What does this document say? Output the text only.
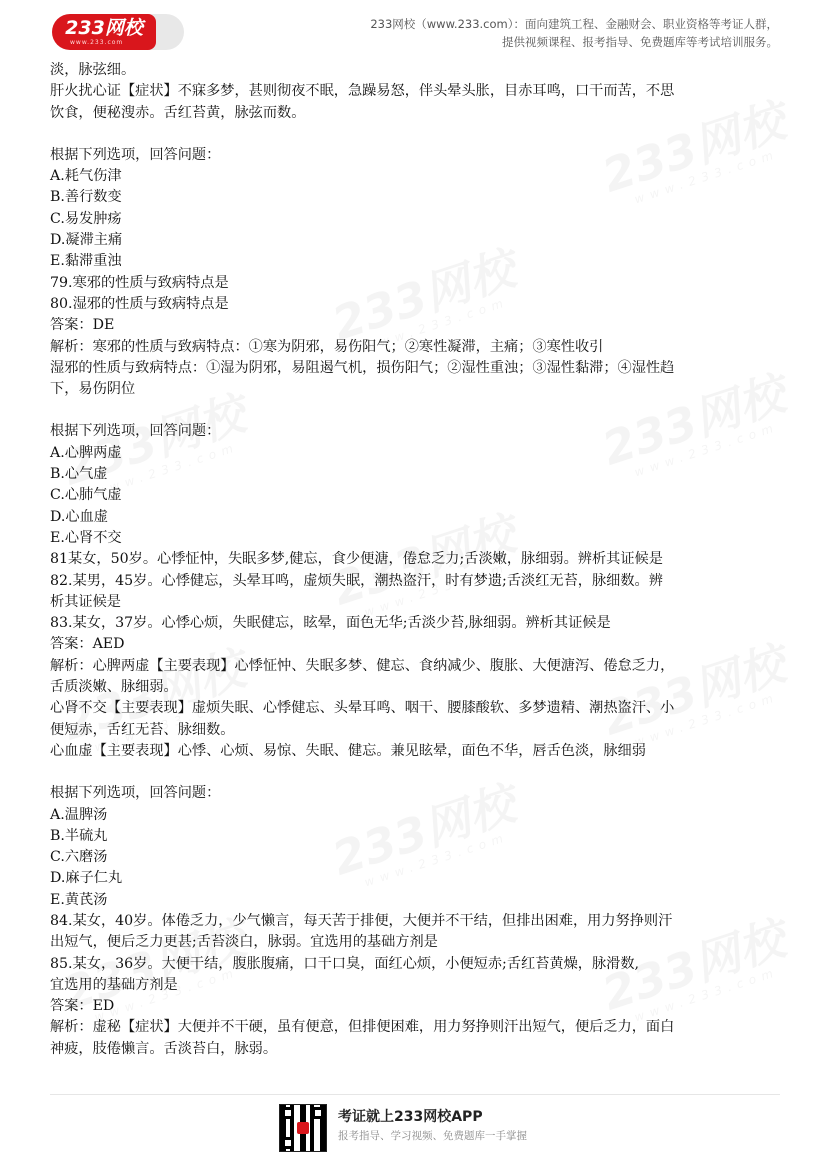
233网校
www.233.com
233网校（www.233.com）：面向建筑工程、金融财会、职业资格等考证人群，
提供视频课程、报考指导、免费题库等考试培训服务。
淡，脉弦细。
肝火扰心证【症状】不寐多梦，甚则彻夜不眠，急躁易怒，伴头晕头胀，目赤耳鸣，口干而苦，不思
饮食，便秘溲赤。舌红苔黄，脉弦而数。
根据下列选项，回答问题：
A.耗气伤津
B.善行数变
C.易发肿疡
D.凝滞主痛
E.黏滞重浊
79.寒邪的性质与致病特点是
80.湿邪的性质与致病特点是
答案：DE
解析：寒邪的性质与致病特点：①寒为阴邪，易伤阳气；②寒性凝滞，主痛；③寒性收引
湿邪的性质与致病特点：①湿为阴邪，易阻遏气机，损伤阳气；②湿性重浊；③湿性黏滞；④湿性趋
下，易伤阴位
根据下列选项，回答问题：
A.心脾两虚
B.心气虚
C.心肺气虚
D.心血虚
E.心肾不交
81某女，50岁。心悸怔忡，失眠多梦,健忘，食少便溏，倦怠乏力;舌淡嫩，脉细弱。辨析其证候是
82.某男，45岁。心悸健忘，头晕耳鸣，虚烦失眠，潮热盗汗，时有梦遗;舌淡红无苔，脉细数。辨
析其证候是
83.某女，37岁。心悸心烦，失眠健忘，眩晕，面色无华;舌淡少苔,脉细弱。辨析其证候是
答案：AED
解析：心脾两虚【主要表现】心悸怔忡、失眠多梦、健忘、食纳减少、腹胀、大便溏泻、倦怠乏力，
舌质淡嫩、脉细弱。
心肾不交【主要表现】虚烦失眠、心悸健忘、头晕耳鸣、咽干、腰膝酸软、多梦遗精、潮热盗汗、小
便短赤，舌红无苔、脉细数。
心血虚【主要表现】心悸、心烦、易惊、失眠、健忘。兼见眩晕，面色不华，唇舌色淡，脉细弱
根据下列选项，回答问题：
A.温脾汤
B.半硫丸
C.六磨汤
D.麻子仁丸
E.黄芪汤
84.某女，40岁。体倦乏力，少气懒言，每天苦于排便，大便并不干结，但排出困难，用力努挣则汗
出短气，便后乏力更甚;舌苔淡白，脉弱。宜选用的基础方剂是
85.某女，36岁。大便干结，腹胀腹痛，口干口臭，面红心烦，小便短赤;舌红苔黄燥，脉滑数,
宜选用的基础方剂是
答案：ED
解析：虚秘【症状】大便并不干硬，虽有便意，但排便困难，用力努挣则汗出短气，便后乏力，面白
神疲，肢倦懒言。舌淡苔白，脉弱。
考证就上233网校APP
报考指导、学习视频、免费题库一手掌握
